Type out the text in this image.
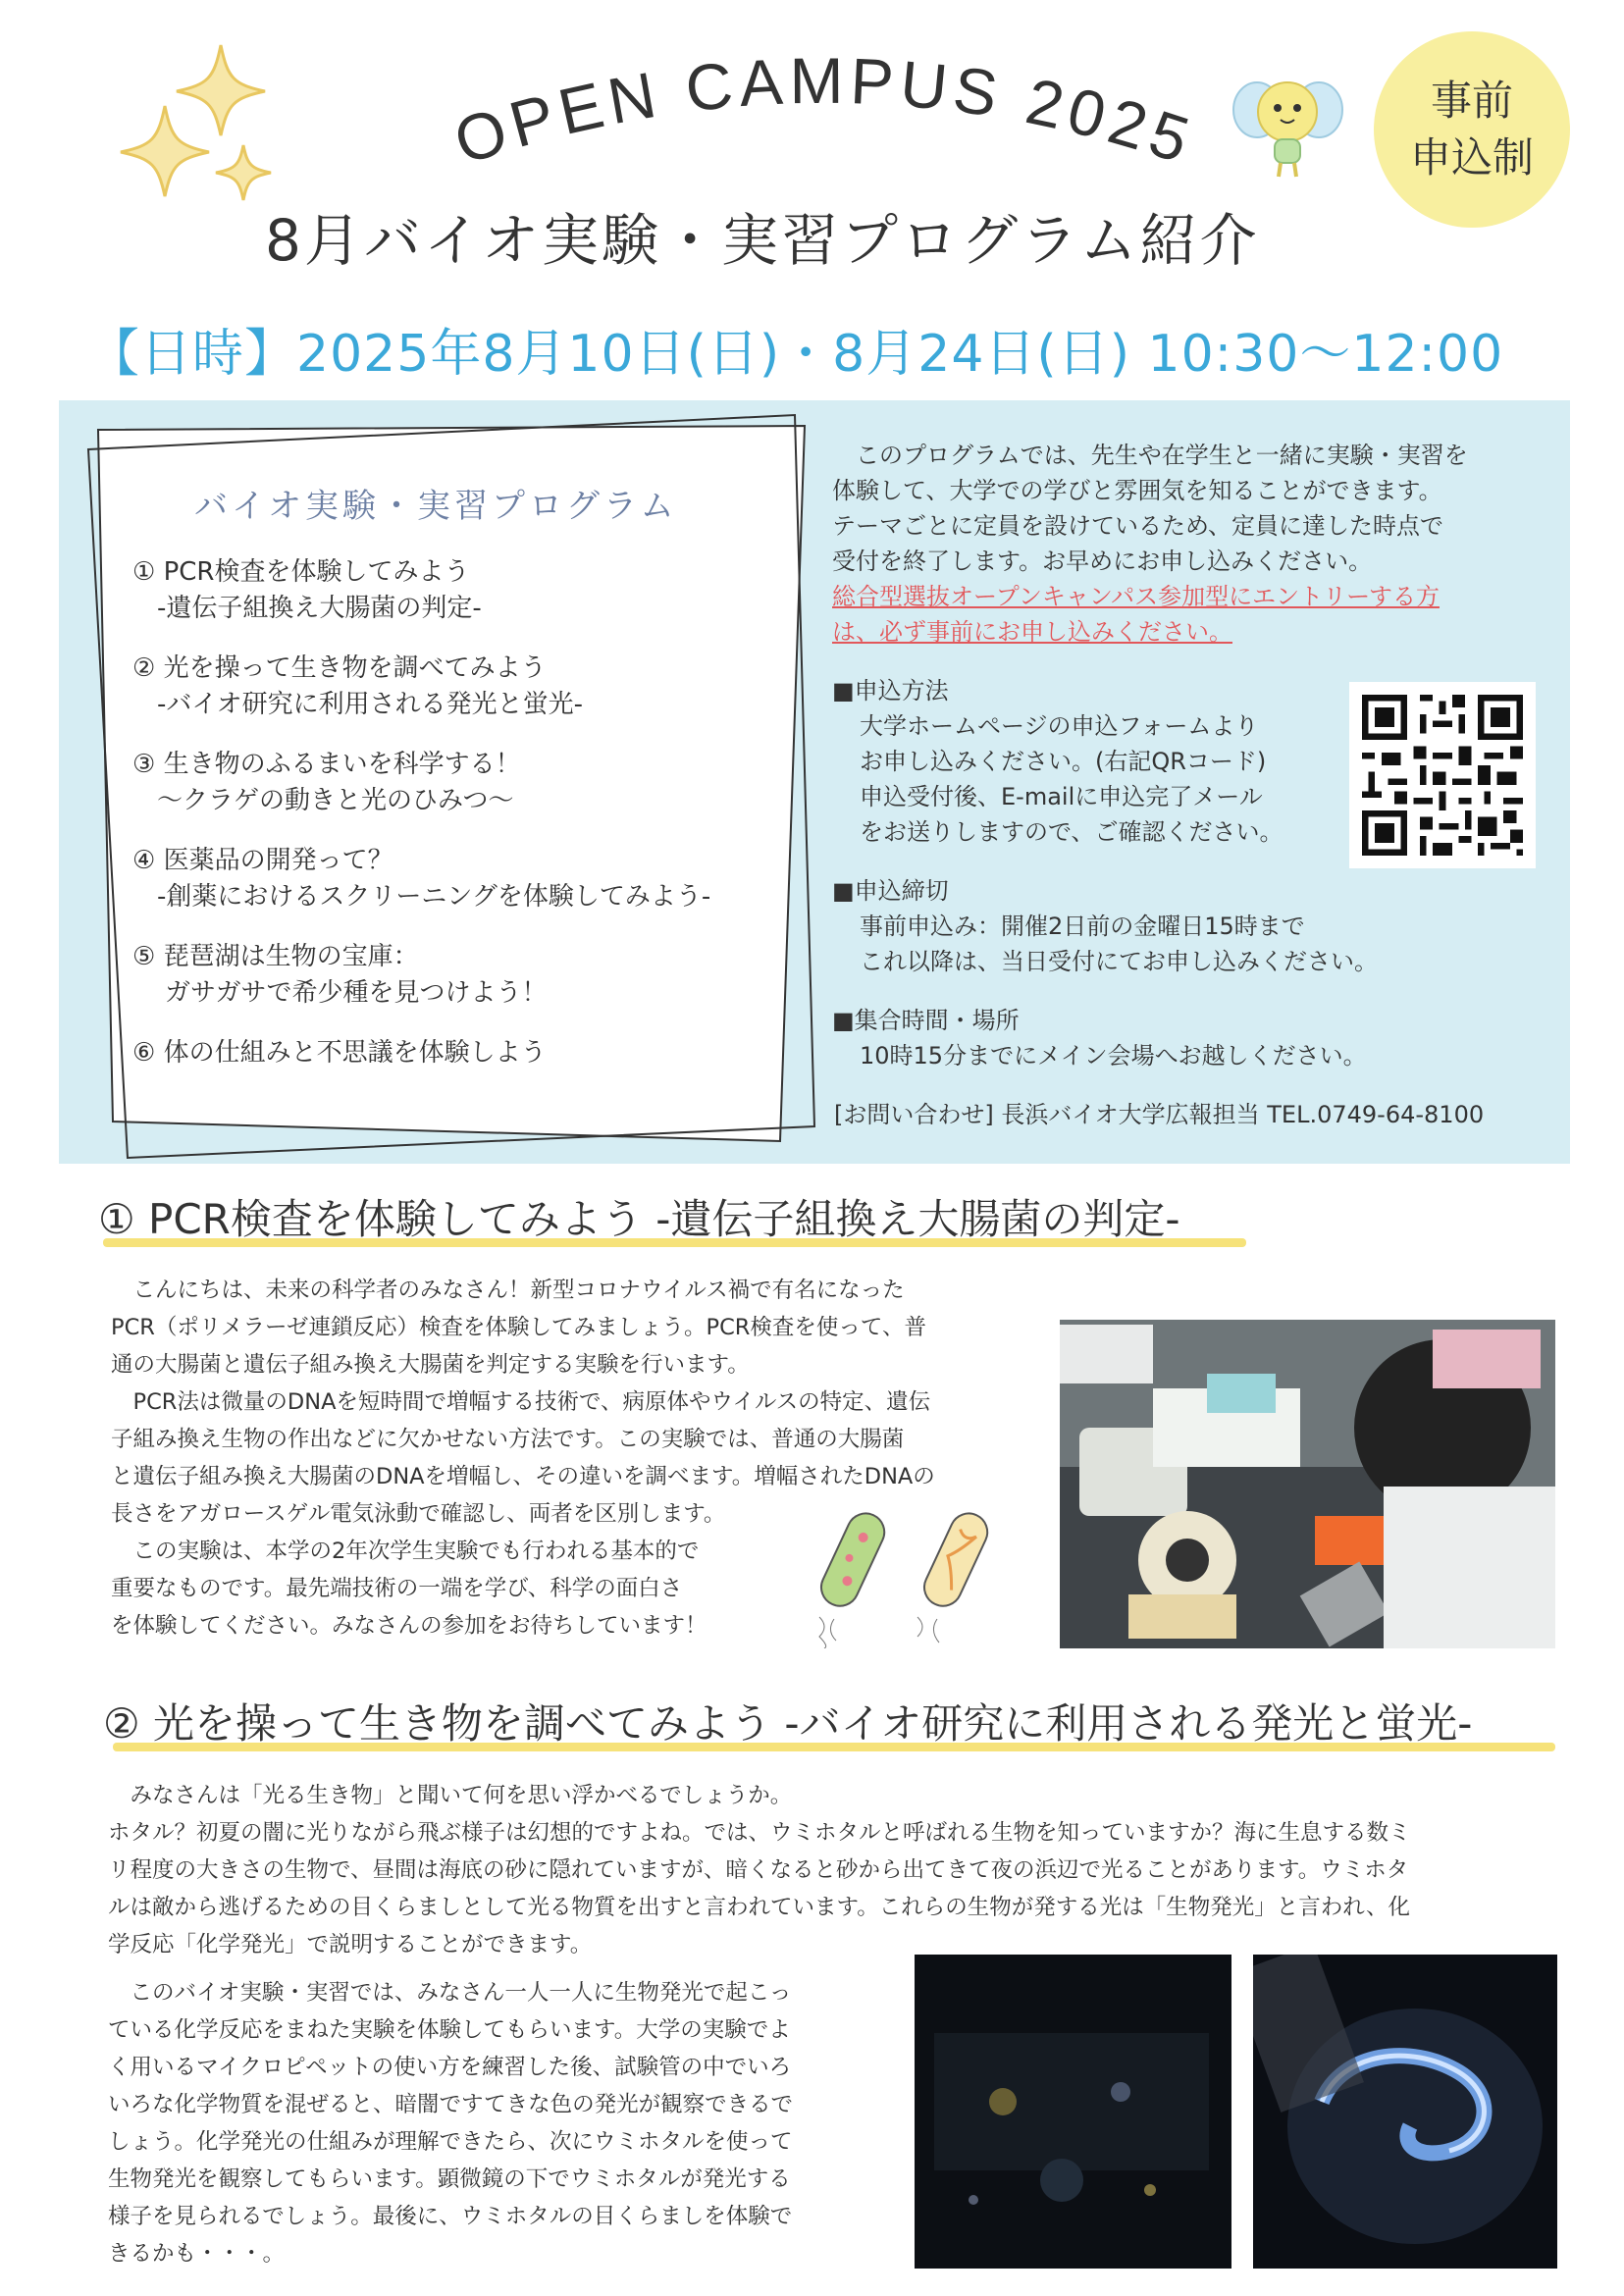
OPEN CAMPUS 2025	事前
申込制
8月バイオ実験・実習プログラム紹介
【日時】2025年8月10日(日)・8月24日(日) 10:30〜12:00
バイオ実験・実習プログラム
① PCR検査を体験してみよう
-遺伝子組換え大腸菌の判定-
② 光を操って生き物を調べてみよう
-バイオ研究に利用される発光と蛍光-
③ 生き物のふるまいを科学する！
〜クラゲの動きと光のひみつ〜
④ 医薬品の開発って？
-創薬におけるスクリーニングを体験してみよう-
⑤ 琵琶湖は生物の宝庫：
ガサガサで希少種を見つけよう！
⑥ 体の仕組みと不思議を体験しよう
　このプログラムでは、先生や在学生と一緒に実験・実習を
体験して、大学での学びと雰囲気を知ることができます。
テーマごとに定員を設けているため、定員に達した時点で
受付を終了します。お早めにお申し込みください。
総合型選抜オープンキャンパス参加型にエントリーする方
は、必ず事前にお申し込みください。
■申込方法
大学ホームページの申込フォームより
お申し込みください。(右記QRコード)
申込受付後、E-mailに申込完了メール
をお送りしますので、ご確認ください。
■申込締切
事前申込み：開催2日前の金曜日15時まで
これ以降は、当日受付にてお申し込みください。
■集合時間・場所
10時15分までにメイン会場へお越しください。
[お問い合わせ] 長浜バイオ大学広報担当 TEL.0749-64-8100
① PCR検査を体験してみよう -遺伝子組換え大腸菌の判定-
　こんにちは、未来の科学者のみなさん！新型コロナウイルス禍で有名になった
PCR（ポリメラーゼ連鎖反応）検査を体験してみましょう。PCR検査を使って、普
通の大腸菌と遺伝子組み換え大腸菌を判定する実験を行います。
　PCR法は微量のDNAを短時間で増幅する技術で、病原体やウイルスの特定、遺伝
子組み換え生物の作出などに欠かせない方法です。この実験では、普通の大腸菌
と遺伝子組み換え大腸菌のDNAを増幅し、その違いを調べます。増幅されたDNAの
長さをアガロースゲル電気泳動で確認し、両者を区別します。
　この実験は、本学の2年次学生実験でも行われる基本的で
重要なものです。最先端技術の一端を学び、科学の面白さ
を体験してください。みなさんの参加をお待ちしています！
② 光を操って生き物を調べてみよう -バイオ研究に利用される発光と蛍光-
　みなさんは「光る生き物」と聞いて何を思い浮かべるでしょうか。
ホタル？初夏の闇に光りながら飛ぶ様子は幻想的ですよね。では、ウミホタルと呼ばれる生物を知っていますか？海に生息する数ミ
リ程度の大きさの生物で、昼間は海底の砂に隠れていますが、暗くなると砂から出てきて夜の浜辺で光ることがあります。ウミホタ
ルは敵から逃げるための目くらましとして光る物質を出すと言われています。これらの生物が発する光は「生物発光」と言われ、化
学反応「化学発光」で説明することができます。
　このバイオ実験・実習では、みなさん一人一人に生物発光で起こっ
ている化学反応をまねた実験を体験してもらいます。大学の実験でよ
く用いるマイクロピペットの使い方を練習した後、試験管の中でいろ
いろな化学物質を混ぜると、暗闇ですてきな色の発光が観察できるで
しょう。化学発光の仕組みが理解できたら、次にウミホタルを使って
生物発光を観察してもらいます。顕微鏡の下でウミホタルが発光する
様子を見られるでしょう。最後に、ウミホタルの目くらましを体験で
きるかも・・・。
